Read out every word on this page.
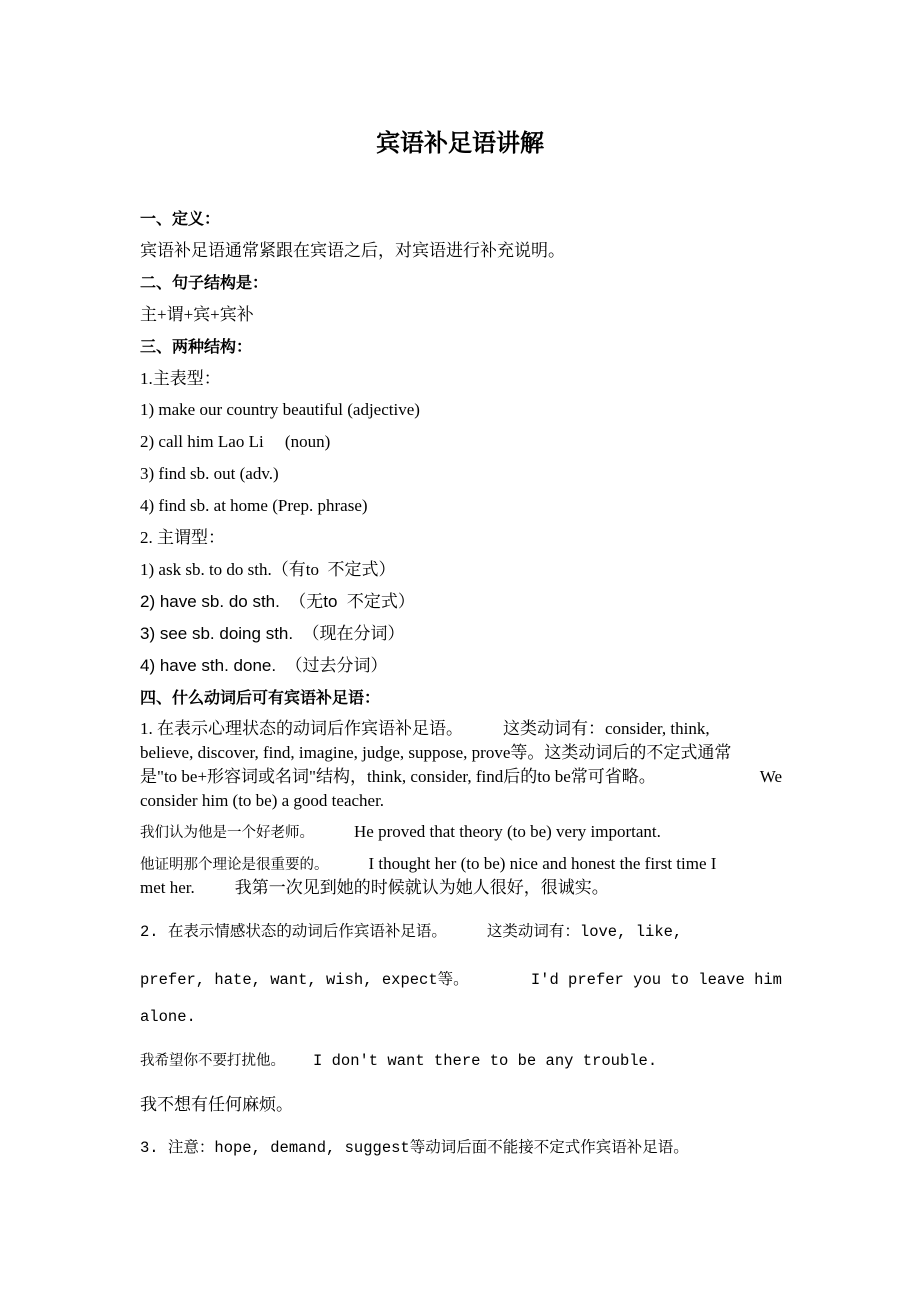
宾语补足语讲解
一、定义：
宾语补足语通常紧跟在宾语之后，对宾语进行补充说明。
二、句子结构是：
主+谓+宾+宾补
三、两种结构：
1.主表型：
1) make our country beautiful (adjective)
2) call him Lao Li     (noun)
3) find sb. out (adv.)
4) find sb. at home (Prep. phrase)
2. 主谓型：
1) ask sb. to do sth.（有to  不定式）
2) have sb. do sth.  （无to  不定式）
3) see sb. doing sth.  （现在分词）
4) have sth. done.  （过去分词）
四、什么动词后可有宾语补足语：
1. 在表示心理状态的动词后作宾语补足语。 这类动词有：consider, think,
believe, discover, find, imagine, judge, suppose, prove等。这类动词后的不定式通常
是"to be+形容词或名词"结构，think, consider, find后的to be常可省略。	We
consider him (to be) a good teacher.
我们认为他是一个好老师。 He proved that theory (to be) very important.
他证明那个理论是很重要的。 I thought her (to be) nice and honest the first time I
met her. 我第一次见到她的时候就认为她人很好，很诚实。
2. 在表示情感状态的动词后作宾语补足语。	这类动词有：love, like,
prefer, hate, want, wish, expect等。	I'd prefer you to leave him
alone.
我希望你不要打扰他。 I don't want there to be any trouble.
我不想有任何麻烦。
3. 注意：hope, demand, suggest等动词后面不能接不定式作宾语补足语。
